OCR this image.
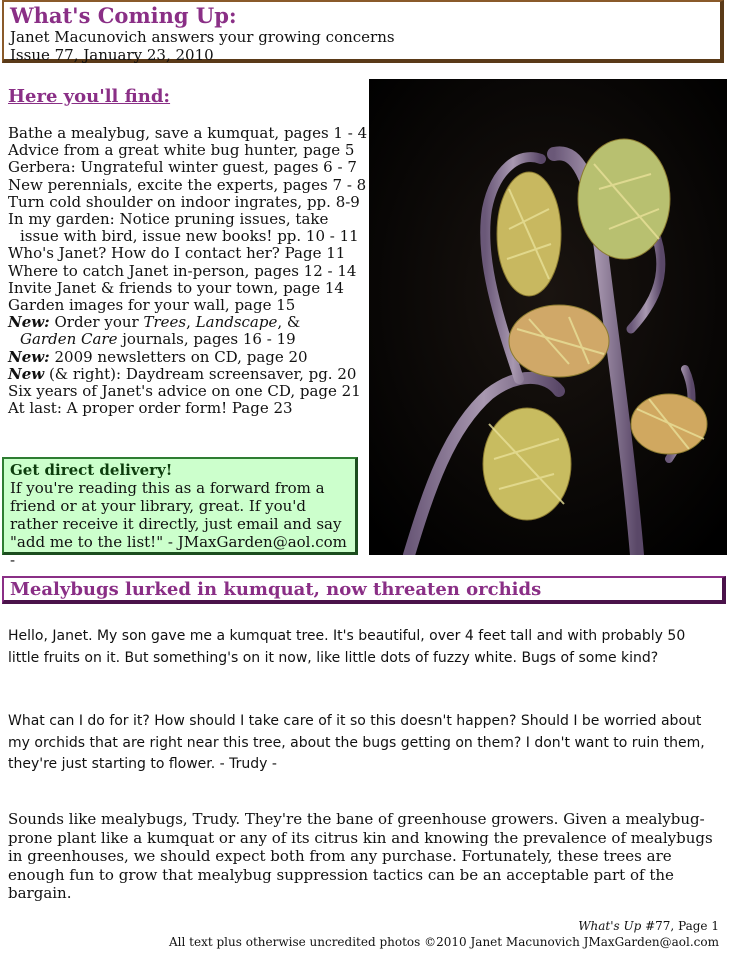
What's Coming Up:
Janet Macunovich answers your growing concerns
Issue 77, January 23, 2010
Here you'll find:
Bathe a mealybug, save a kumquat, pages 1 - 4
Advice from a great white bug hunter, page 5
Gerbera: Ungrateful winter guest, pages 6 - 7
New perennials, excite the experts, pages 7 - 8
Turn cold shoulder on indoor ingrates, pp. 8-9
In my garden: Notice pruning issues, take
issue with bird, issue new books! pp. 10 - 11
Who's Janet? How do I contact her? Page 11
Where to catch Janet in-person, pages 12 - 14
Invite Janet & friends to your town, page 14
Garden images for your wall, page 15
New: Order your Trees, Landscape, &
Garden Care journals, pages 16 - 19
New: 2009 newsletters on CD, page 20
New (& right): Daydream screensaver, pg. 20
Six years of Janet's advice on one CD, page 21
At last: A proper order form! Page 23
Get direct delivery!
If you're reading this as a forward from a friend or at your library, great. If you'd rather receive it directly, just email and say "add me to the list!" - JMaxGarden@aol.com -
Mealybugs lurked in kumquat, now threaten orchids
Hello, Janet. My son gave me a kumquat tree. It's beautiful, over 4 feet tall and with probably 50 little fruits on it. But something's on it now, like little dots of fuzzy white. Bugs of some kind?
What can I do for it? How should I take care of it so this doesn't happen? Should I be worried about my orchids that are right near this tree, about the bugs getting on them? I don't want to ruin them, they're just starting to flower. - Trudy -
Sounds like mealybugs, Trudy. They're the bane of greenhouse growers. Given a mealybug-prone plant like a kumquat or any of its citrus kin and knowing the prevalence of mealybugs in greenhouses, we should expect both from any purchase. Fortunately, these trees are enough fun to grow that mealybug suppression tactics can be an acceptable part of the bargain.
What's Up #77, Page 1
All text plus otherwise uncredited photos ©2010 Janet Macunovich JMaxGarden@aol.com
